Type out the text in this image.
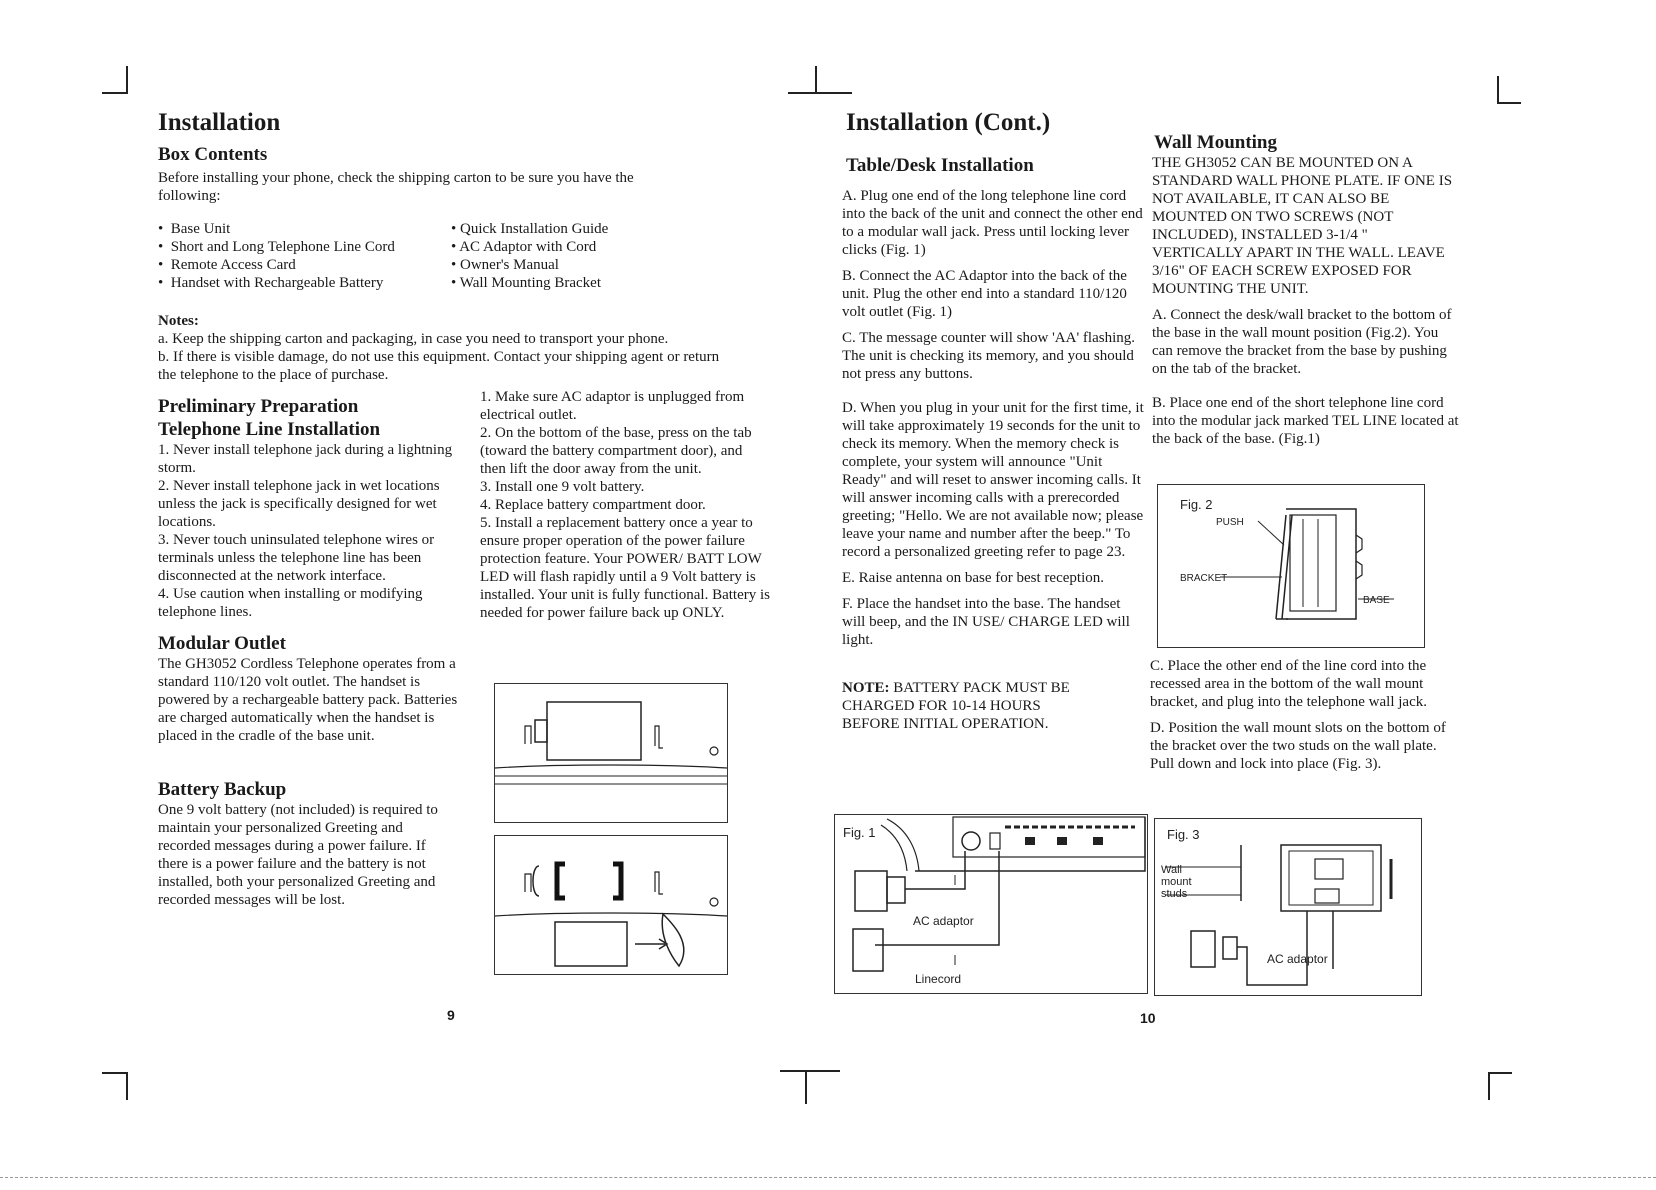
Installation
Box Contents
Before installing your phone, check the shipping carton to be sure you have the following:
•  Base Unit
•  Short and Long Telephone Line Cord
•  Remote Access Card
•  Handset with Rechargeable Battery
• Quick Installation Guide
• AC Adaptor with Cord
• Owner's Manual
• Wall Mounting Bracket
Notes:
a. Keep the shipping carton and packaging, in case you need to transport your phone.
b. If there is visible damage, do not use this equipment. Contact your shipping agent or return the telephone to the place of purchase.
Preliminary Preparation
Telephone Line Installation
1. Never install telephone jack during a lightning storm.
2. Never install telephone jack in wet locations unless the jack is specifically designed for wet locations.
3. Never touch uninsulated telephone wires or terminals unless the telephone line has been disconnected at the network interface.
4. Use caution when installing or modifying telephone lines.
Modular Outlet
The GH3052 Cordless Telephone operates from a standard 110/120 volt outlet. The handset is powered by a rechargeable battery pack. Batteries are charged automatically when the handset is placed in the cradle of the base unit.
Battery Backup
One 9 volt battery (not included) is required to maintain your personalized Greeting and recorded messages during a power failure. If there is a power failure and the battery is not installed, both your personalized Greeting and recorded messages will be lost.
1. Make sure AC adaptor is unplugged from electrical outlet.
2. On the bottom of the base, press on the tab (toward the battery compartment door), and then lift the door away from the unit.
3. Install one 9 volt battery.
4. Replace battery compartment door.
5. Install a replacement battery once a year to ensure proper operation of the power failure protection feature. Your POWER/ BATT LOW LED will flash rapidly until a 9 Volt battery is installed. Your unit is fully functional. Battery is needed for power failure back up ONLY.
9
Installation (Cont.)
Table/Desk Installation
A. Plug one end of the long telephone line cord into the back of the unit and connect the other end to a modular wall jack. Press until locking lever clicks (Fig. 1)
B. Connect the AC Adaptor into the back of the unit. Plug the other end into a standard 110/120 volt outlet (Fig. 1)
C. The message counter will show 'AA' flashing. The unit is checking its memory, and you should not press any buttons.
D. When you plug in your unit for the first time, it will take approximately 19 seconds for the unit to check its memory. When the memory check is complete, your system will announce "Unit Ready" and will reset to answer incoming calls. It will answer incoming calls with a prerecorded greeting; "Hello. We are not available now; please leave your name and number after the beep." To record a personalized greeting refer to page 23.
E. Raise antenna on base for best reception.
F. Place the handset into the base. The handset will beep, and the IN USE/ CHARGE LED will light.
NOTE: BATTERY PACK MUST BE CHARGED FOR 10-14 HOURS BEFORE INITIAL OPERATION.
Fig. 1
AC adaptor
Linecord
Wall Mounting
THE GH3052 CAN BE MOUNTED ON A STANDARD WALL PHONE PLATE. IF ONE IS NOT AVAILABLE, IT CAN ALSO BE MOUNTED ON TWO SCREWS (NOT INCLUDED), INSTALLED 3-1/4 " VERTICALLY APART IN THE WALL. LEAVE 3/16" OF EACH SCREW EXPOSED FOR MOUNTING THE UNIT.
A. Connect the desk/wall bracket to the bottom of the base in the wall mount position (Fig.2). You can remove the bracket from the base by pushing on the tab of the bracket.
B. Place one end of the short telephone line cord into the modular jack marked TEL LINE located at the back of the base. (Fig.1)
Fig. 2
PUSH
BRACKET
BASE
C. Place the other end of the line cord into the recessed area in the bottom of the wall mount bracket, and plug into the telephone wall jack.
D. Position the wall mount slots on the bottom of the bracket over the two studs on the wall plate. Pull down and lock into place (Fig. 3).
Fig. 3
Wall
mount
studs
AC adaptor
10
